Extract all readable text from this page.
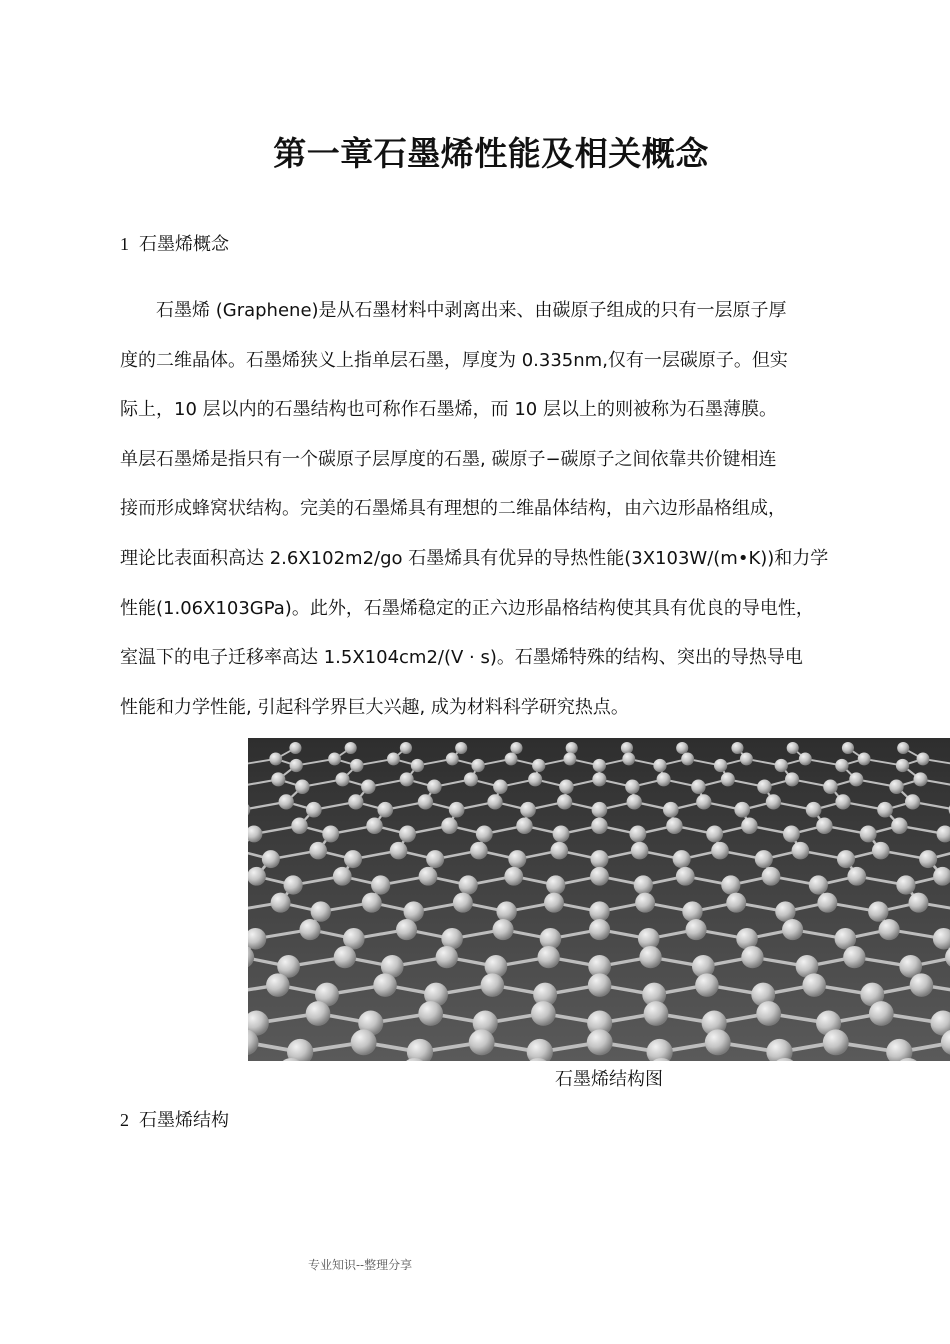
第一章石墨烯性能及相关概念
1 石墨烯概念
石墨烯 (Graphene)是从石墨材料中剥离出来、由碳原子组成的只有一层原子厚
度的二维晶体。石墨烯狭义上指单层石墨，厚度为 0.335nm,仅有一层碳原子。但实
际上，10 层以内的石墨结构也可称作石墨烯，而 10 层以上的则被称为石墨薄膜。
单层石墨烯是指只有一个碳原子层厚度的石墨, 碳原子−碳原子之间依靠共价键相连
接而形成蜂窝状结构。完美的石墨烯具有理想的二维晶体结构，由六边形晶格组成，
理论比表面积高达 2.6X102m2/go 石墨烯具有优异的导热性能(3X103W/(m•K))和力学
性能(1.06X103GPa)。此外，石墨烯稳定的正六边形晶格结构使其具有优良的导电性，
室温下的电子迁移率高达 1.5X104cm2/(V · s)。石墨烯特殊的结构、突出的导热导电
性能和力学性能, 引起科学界巨大兴趣, 成为材料科学研究热点。
石墨烯结构图
2 石墨烯结构
专业知识--整理分享
